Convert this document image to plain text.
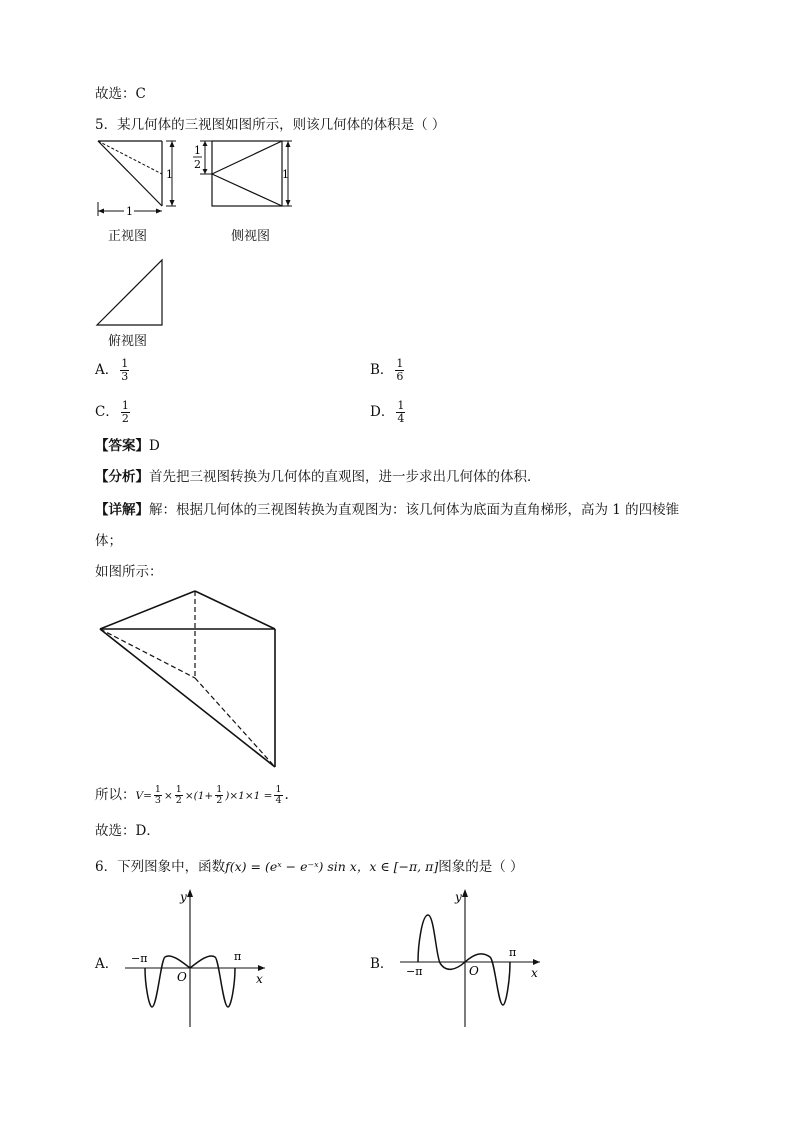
故选：C
5．某几何体的三视图如图所示，则该几何体的体积是（ ）
1
1
正视图
1
2
1
侧视图
俯视图
A． $\frac{1}{3}$	B． $\frac{1}{6}$
C． $\frac{1}{2}$	D． $\frac{1}{4}$
【答案】D
【分析】首先把三视图转换为几何体的直观图，进一步求出几何体的体积．
【详解】解：根据几何体的三视图转换为直观图为：该几何体为底面为直角梯形，高为 1 的四棱锥
体；
如图所示：
所以：$V= \frac{1}{3} \times \frac{1}{2} \times(1+ \frac{1}{2} )\times 1\times 1 = \frac{1}{4}$ .
故选：D．
6．下列图象中，函数f(x) = (eˣ − e⁻ˣ) sin x，x ∈ [−π, π]图象的是（ ）
A．
y
x
O
−π	π	B．
y
x
O
−π
π
